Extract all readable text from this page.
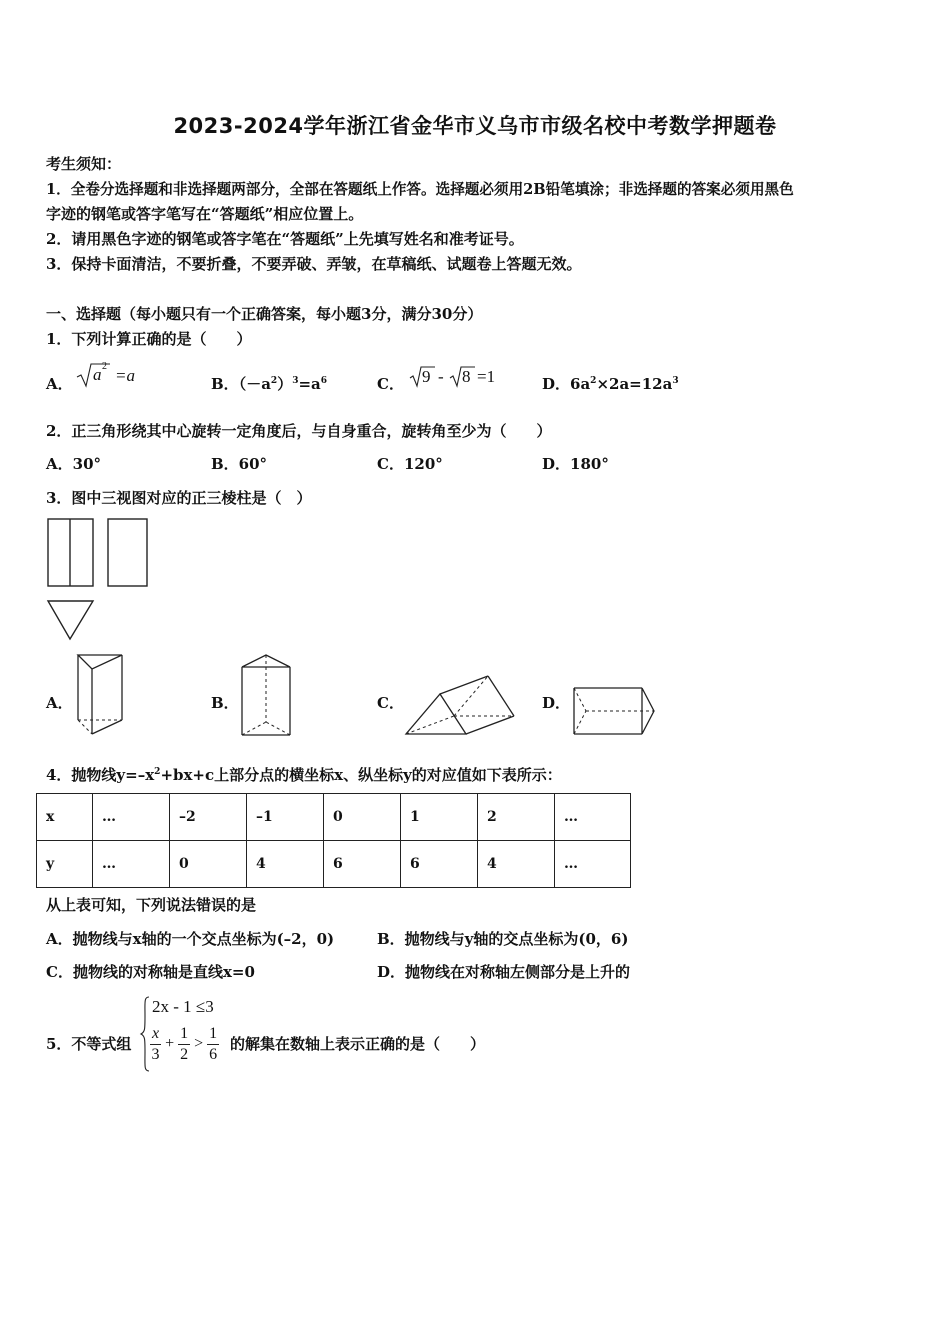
2023-2024学年浙江省金华市义乌市市级名校中考数学押题卷
考生须知：
1．全卷分选择题和非选择题两部分，全部在答题纸上作答。选择题必须用2B铅笔填涂；非选择题的答案必须用黑色
字迹的钢笔或答字笔写在“答题纸”相应位置上。
2．请用黑色字迹的钢笔或答字笔在“答题纸”上先填写姓名和准考证号。
3．保持卡面清洁，不要折叠，不要弄破、弄皱，在草稿纸、试题卷上答题无效。
一、选择题（每小题只有一个正确答案，每小题3分，满分30分）
1．下列计算正确的是（　　）
A． a 2 =a	B．$(-a^2)^3=a^6$	C． 9 - 8 =1	D．$6a^2\times 2a=12a^3$
2．正三角形绕其中心旋转一定角度后，与自身重合，旋转角至少为（　　）
A．30°	B．60°	C．120°	D．180°
3．图中三视图对应的正三棱柱是（　）
A．	B．	C．	D．
4．抛物线$y=-x^2+bx+c$上部分点的横坐标x、纵坐标y的对应值如下表所示：
x	…	–2	–1	0	1	2	…
y	…	0	4	6	6	4	…
从上表可知，下列说法错误的是
A．抛物线与x轴的一个交点坐标为(–2，0)	B．抛物线与y轴的交点坐标为(0，6)
C．抛物线的对称轴是直线x=0	D．抛物线在对称轴左侧部分是上升的
5．不等式组
2x - 1 ≤3
$\frac{x}{3} + \frac{1}{2} > \frac{1}{6}$ 的解集在数轴上表示正确的是（　　）
